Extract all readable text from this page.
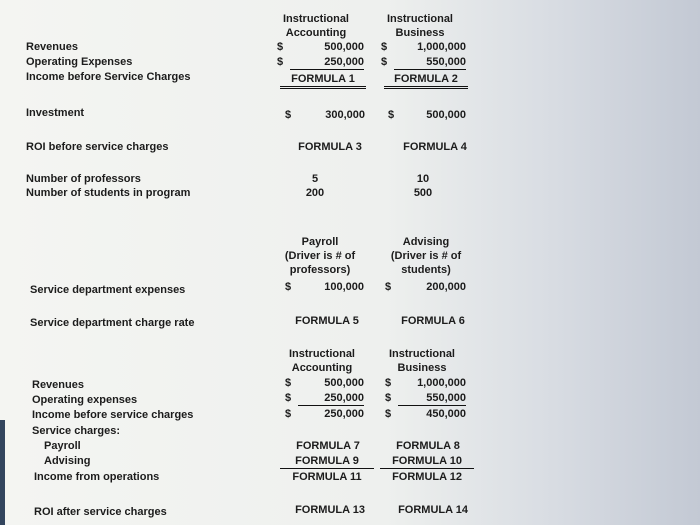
Instructional
Accounting
Instructional
Business
Revenues	$	500,000 $	1,000,000
Operating Expenses	$	250,000 $	550,000
Income before Service Charges	FORMULA 1	FORMULA 2
Investment	$	300,000 $	500,000
ROI before service charges	FORMULA 3	FORMULA 4
Number of professors	5	10
Number of students in program	200	500
Payroll
(Driver is # of
professors)
Advising
(Driver is # of
students)
Service department expenses	$	100,000 $	200,000
Service department charge rate	FORMULA 5	FORMULA 6
Instructional
Accounting
Instructional
Business
Revenues	$	500,000 $	1,000,000
Operating expenses	$	250,000 $	550,000
Income before service charges	$	250,000 $	450,000
Service charges:
Payroll	FORMULA 7	FORMULA 8
Advising	FORMULA 9	FORMULA 10
Income from operations	FORMULA 11	FORMULA 12
ROI after service charges	FORMULA 13	FORMULA 14
